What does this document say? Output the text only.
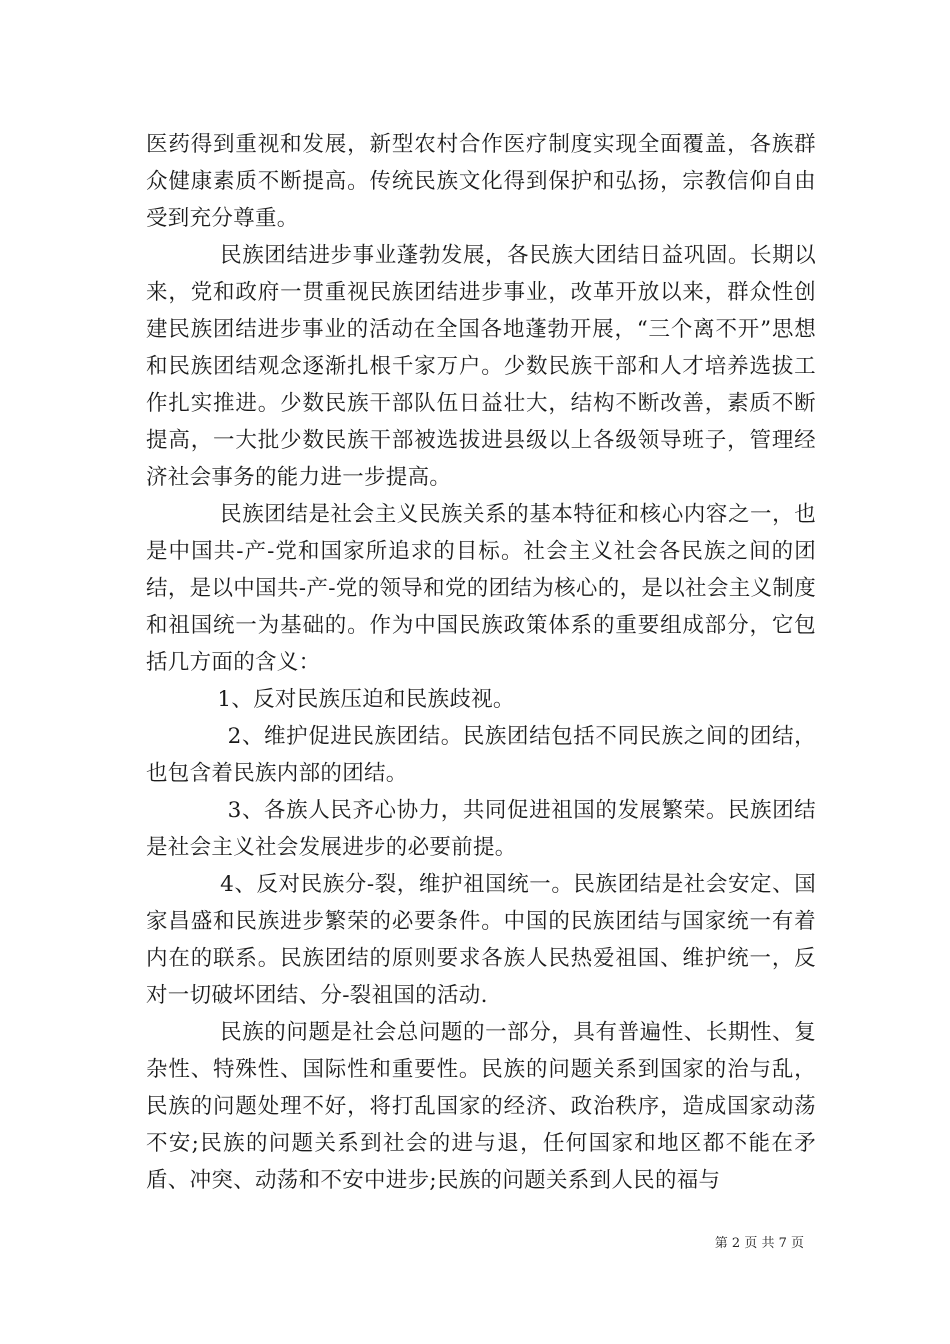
医药得到重视和发展，新型农村合作医疗制度实现全面覆盖，各族群众健康素质不断提高。传统民族文化得到保护和弘扬，宗教信仰自由受到充分尊重。

民族团结进步事业蓬勃发展，各民族大团结日益巩固。长期以来，党和政府一贯重视民族团结进步事业，改革开放以来，群众性创建民族团结进步事业的活动在全国各地蓬勃开展，“三个离不开”思想和民族团结观念逐渐扎根千家万户。少数民族干部和人才培养选拔工作扎实推进。少数民族干部队伍日益壮大，结构不断改善，素质不断提高，一大批少数民族干部被选拔进县级以上各级领导班子，管理经济社会事务的能力进一步提高。

民族团结是社会主义民族关系的基本特征和核心内容之一，也是中国共-产-党和国家所追求的目标。社会主义社会各民族之间的团结，是以中国共-产-党的领导和党的团结为核心的，是以社会主义制度和祖国统一为基础的。作为中国民族政策体系的重要组成部分，它包括几方面的含义：

1、反对民族压迫和民族歧视。

2、维护促进民族团结。民族团结包括不同民族之间的团结，也包含着民族内部的团结。

3、各族人民齐心协力，共同促进祖国的发展繁荣。民族团结是社会主义社会发展进步的必要前提。

4、反对民族分-裂，维护祖国统一。民族团结是社会安定、国家昌盛和民族进步繁荣的必要条件。中国的民族团结与国家统一有着内在的联系。民族团结的原则要求各族人民热爱祖国、维护统一，反对一切破坏团结、分-裂祖国的活动.

民族的问题是社会总问题的一部分，具有普遍性、长期性、复杂性、特殊性、国际性和重要性。民族的问题关系到国家的治与乱，民族的问题处理不好，将打乱国家的经济、政治秩序，造成国家动荡不安;民族的问题关系到社会的进与退，任何国家和地区都不能在矛盾、冲突、动荡和不安中进步;民族的问题关系到人民的福与

第 2 页 共 7 页
